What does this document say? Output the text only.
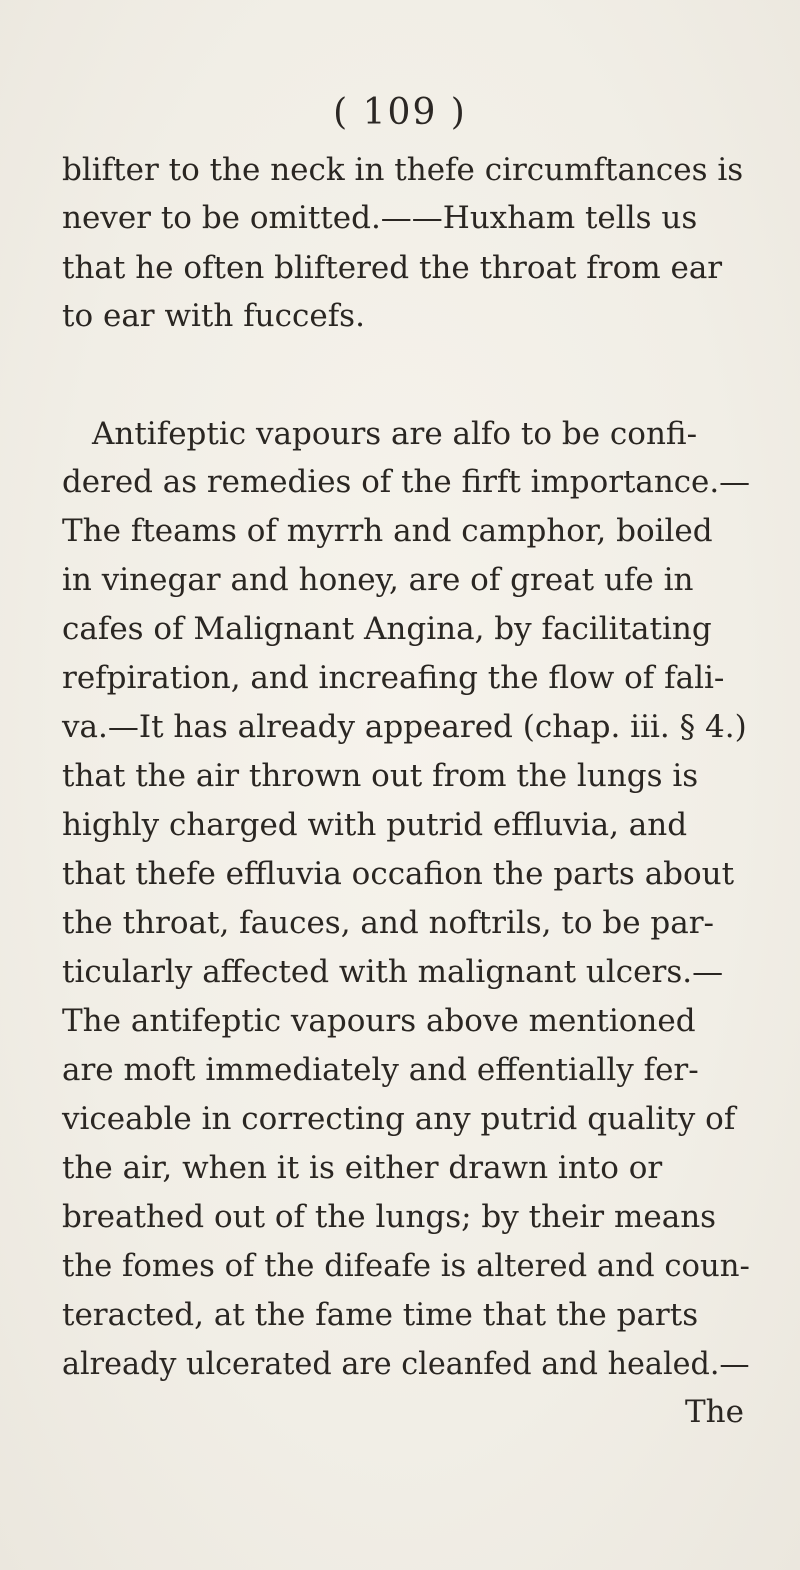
( 109 )
blifter to the neck in thefe circumftances is
never to be omitted.——Huxham tells us
that he often bliftered the throat from ear
to ear with fuccefs.
Antifeptic vapours are alfo to be confi-
dered as remedies of the firft importance.—
The fteams of myrrh and camphor, boiled
in vinegar and honey, are of great ufe in
cafes of Malignant Angina, by facilitating
refpiration, and increafing the flow of fali-
va.—It has already appeared (chap. iii. § 4.)
that the air thrown out from the lungs is
highly charged with putrid effluvia, and
that thefe effluvia occafion the parts about
the throat, fauces, and noftrils, to be par-
ticularly affected with malignant ulcers.—
The antifeptic vapours above mentioned
are moft immediately and effentially fer-
viceable in correcting any putrid quality of
the air, when it is either drawn into or
breathed out of the lungs; by their means
the fomes of the difeafe is altered and coun-
teracted, at the fame time that the parts
already ulcerated are cleanfed and healed.—
The
